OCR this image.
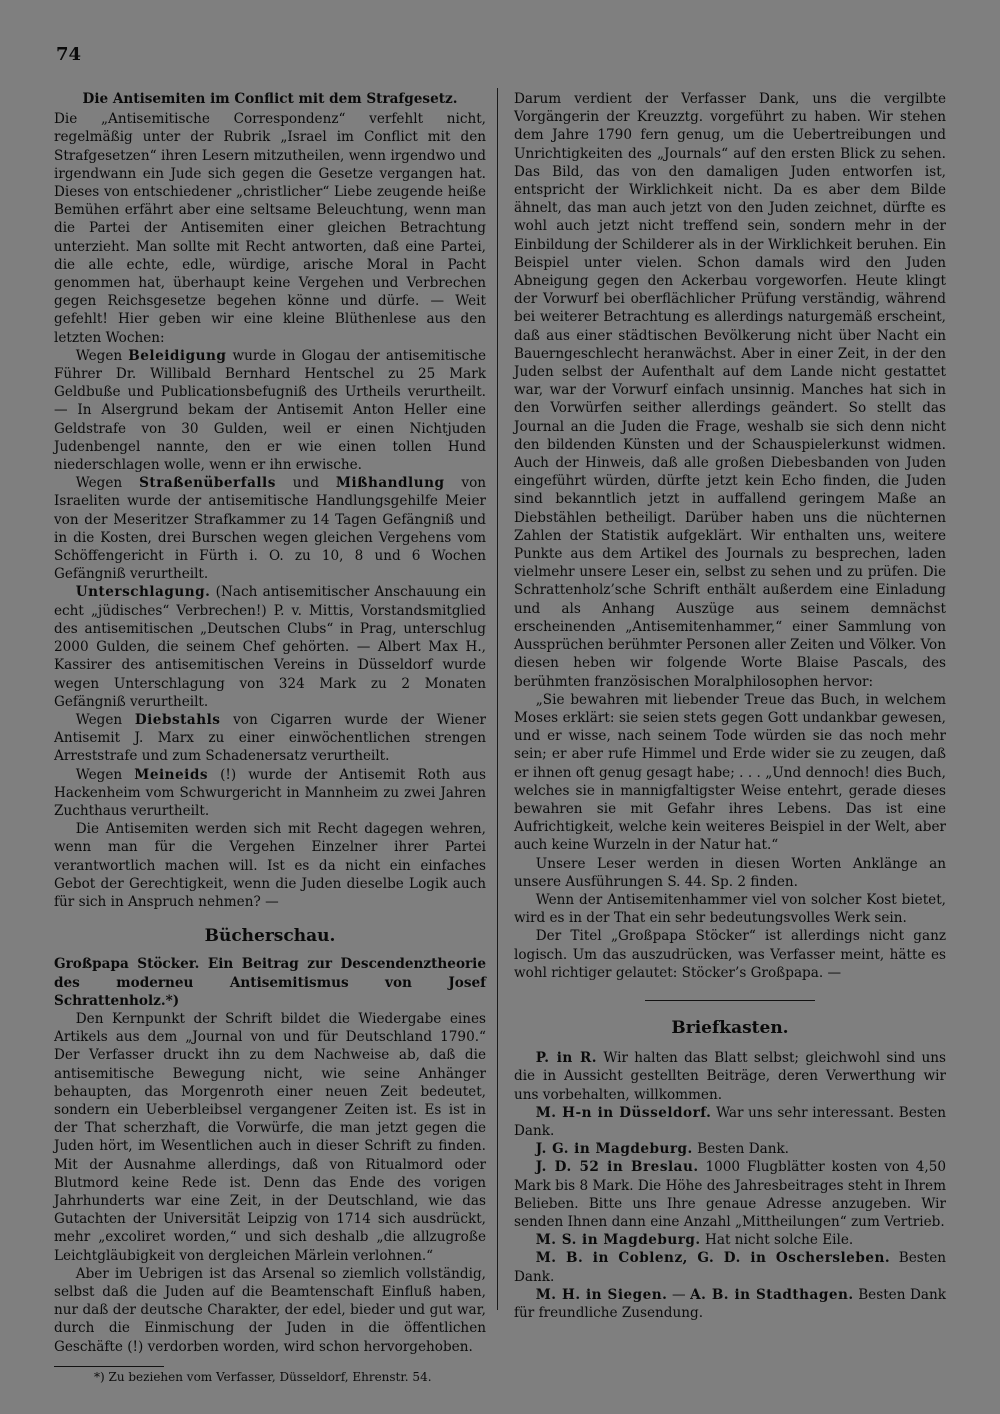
74
Die Antisemiten im Conflict mit dem Strafgesetz.

Die „Antisemitische Correspondenz“ verfehlt nicht, regelmäßig unter der Rubrik „Israel im Conflict mit den Strafgesetzen“ ihren Lesern mitzutheilen, wenn irgendwo und irgendwann ein Jude sich gegen die Gesetze vergangen hat. Dieses von entschiedener „christlicher“ Liebe zeugende heiße Bemühen erfährt aber eine seltsame Beleuchtung, wenn man die Partei der Antisemiten einer gleichen Betrachtung unterzieht. Man sollte mit Recht antworten, daß eine Partei, die alle echte, edle, würdige, arische Moral in Pacht genommen hat, überhaupt keine Vergehen und Verbrechen gegen Reichsgesetze begehen könne und dürfe. — Weit gefehlt! Hier geben wir eine kleine Blüthenlese aus den letzten Wochen:

Wegen Beleidigung wurde in Glogau der antisemitische Führer Dr. Willibald Bernhard Hentschel zu 25 Mark Geldbuße und Publicationsbefugniß des Urtheils verurtheilt. — In Alsergrund bekam der Antisemit Anton Heller eine Geldstrafe von 30 Gulden, weil er einen Nichtjuden Judenbengel nannte, den er wie einen tollen Hund niederschlagen wolle, wenn er ihn erwische.

Wegen Straßenüberfalls und Mißhandlung von Israeliten wurde der antisemitische Handlungsgehilfe Meier von der Meseritzer Strafkammer zu 14 Tagen Gefängniß und in die Kosten, drei Burschen wegen gleichen Vergehens vom Schöffengericht in Fürth i. O. zu 10, 8 und 6 Wochen Gefängniß verurtheilt.

Unterschlagung. (Nach antisemitischer Anschauung ein echt „jüdisches“ Verbrechen!) P. v. Mittis, Vorstandsmitglied des antisemitischen „Deutschen Clubs“ in Prag, unterschlug 2000 Gulden, die seinem Chef gehörten. — Albert Max H., Kassirer des antisemitischen Vereins in Düsseldorf wurde wegen Unterschlagung von 324 Mark zu 2 Monaten Gefängniß verurtheilt.

Wegen Diebstahls von Cigarren wurde der Wiener Antisemit J. Marx zu einer einwöchentlichen strengen Arreststrafe und zum Schadenersatz verurtheilt.

Wegen Meineids (!) wurde der Antisemit Roth aus Hackenheim vom Schwurgericht in Mannheim zu zwei Jahren Zuchthaus verurtheilt.

Die Antisemiten werden sich mit Recht dagegen wehren, wenn man für die Vergehen Einzelner ihrer Partei verantwortlich machen will. Ist es da nicht ein einfaches Gebot der Gerechtigkeit, wenn die Juden dieselbe Logik auch für sich in Anspruch nehmen? —

Bücherschau.

Großpapa Stöcker. Ein Beitrag zur Descendenztheorie des moderneu Antisemitismus von Josef Schrattenholz.*)

Den Kernpunkt der Schrift bildet die Wiedergabe eines Artikels aus dem „Journal von und für Deutschland 1790.“ Der Verfasser druckt ihn zu dem Nachweise ab, daß die antisemitische Bewegung nicht, wie seine Anhänger behaupten, das Morgenroth einer neuen Zeit bedeutet, sondern ein Ueberbleibsel vergangener Zeiten ist. Es ist in der That scherzhaft, die Vorwürfe, die man jetzt gegen die Juden hört, im Wesentlichen auch in dieser Schrift zu finden. Mit der Ausnahme allerdings, daß von Ritualmord oder Blutmord keine Rede ist. Denn das Ende des vorigen Jahrhunderts war eine Zeit, in der Deutschland, wie das Gutachten der Universität Leipzig von 1714 sich ausdrückt, mehr „excoliret worden,“ und sich deshalb „die allzugroße Leichtgläubigkeit von dergleichen Märlein verlohnen.“

Aber im Uebrigen ist das Arsenal so ziemlich vollständig, selbst daß die Juden auf die Beamtenschaft Einfluß haben, nur daß der deutsche Charakter, der edel, bieder und gut war, durch die Einmischung der Juden in die öffentlichen Geschäfte (!) verdorben worden, wird schon hervorgehoben.

*) Zu beziehen vom Verfasser, Düsseldorf, Ehrenstr. 54.

Darum verdient der Verfasser Dank, uns die vergilbte Vorgängerin der Kreuzztg. vorgeführt zu haben. Wir stehen dem Jahre 1790 fern genug, um die Uebertreibungen und Unrichtigkeiten des „Journals“ auf den ersten Blick zu sehen. Das Bild, das von den damaligen Juden entworfen ist, entspricht der Wirklichkeit nicht. Da es aber dem Bilde ähnelt, das man auch jetzt von den Juden zeichnet, dürfte es wohl auch jetzt nicht treffend sein, sondern mehr in der Einbildung der Schilderer als in der Wirklichkeit beruhen. Ein Beispiel unter vielen. Schon damals wird den Juden Abneigung gegen den Ackerbau vorgeworfen. Heute klingt der Vorwurf bei oberflächlicher Prüfung verständig, während bei weiterer Betrachtung es allerdings naturgemäß erscheint, daß aus einer städtischen Bevölkerung nicht über Nacht ein Bauerngeschlecht heranwächst. Aber in einer Zeit, in der den Juden selbst der Aufenthalt auf dem Lande nicht gestattet war, war der Vorwurf einfach unsinnig. Manches hat sich in den Vorwürfen seither allerdings geändert. So stellt das Journal an die Juden die Frage, weshalb sie sich denn nicht den bildenden Künsten und der Schauspielerkunst widmen. Auch der Hinweis, daß alle großen Diebesbanden von Juden eingeführt würden, dürfte jetzt kein Echo finden, die Juden sind bekanntlich jetzt in auffallend geringem Maße an Diebstählen betheiligt. Darüber haben uns die nüchternen Zahlen der Statistik aufgeklärt. Wir enthalten uns, weitere Punkte aus dem Artikel des Journals zu besprechen, laden vielmehr unsere Leser ein, selbst zu sehen und zu prüfen. Die Schrattenholz’sche Schrift enthält außerdem eine Einladung und als Anhang Auszüge aus seinem demnächst erscheinenden „Antisemitenhammer,“ einer Sammlung von Aussprüchen berühmter Personen aller Zeiten und Völker. Von diesen heben wir folgende Worte Blaise Pascals, des berühmten französischen Moralphilosophen hervor:

„Sie bewahren mit liebender Treue das Buch, in welchem Moses erklärt: sie seien stets gegen Gott undankbar gewesen, und er wisse, nach seinem Tode würden sie das noch mehr sein; er aber rufe Himmel und Erde wider sie zu zeugen, daß er ihnen oft genug gesagt habe; . . . „Und dennoch! dies Buch, welches sie in mannigfaltigster Weise entehrt, gerade dieses bewahren sie mit Gefahr ihres Lebens. Das ist eine Aufrichtigkeit, welche kein weiteres Beispiel in der Welt, aber auch keine Wurzeln in der Natur hat.“

Unsere Leser werden in diesen Worten Anklänge an unsere Ausführungen S. 44. Sp. 2 finden.

Wenn der Antisemitenhammer viel von solcher Kost bietet, wird es in der That ein sehr bedeutungsvolles Werk sein.

Der Titel „Großpapa Stöcker“ ist allerdings nicht ganz logisch. Um das auszudrücken, was Verfasser meint, hätte es wohl richtiger gelautet: Stöcker’s Großpapa. —

Briefkasten.

P. in R. Wir halten das Blatt selbst; gleichwohl sind uns die in Aussicht gestellten Beiträge, deren Verwerthung wir uns vorbehalten, willkommen.

M. H-n in Düsseldorf. War uns sehr interessant. Besten Dank.

J. G. in Magdeburg. Besten Dank.

J. D. 52 in Breslau. 1000 Flugblätter kosten von 4,50 Mark bis 8 Mark. Die Höhe des Jahresbeitrages steht in Ihrem Belieben. Bitte uns Ihre genaue Adresse anzugeben. Wir senden Ihnen dann eine Anzahl „Mittheilungen“ zum Vertrieb.

M. S. in Magdeburg. Hat nicht solche Eile.

M. B. in Coblenz, G. D. in Oschersleben. Besten Dank.

M. H. in Siegen. — A. B. in Stadthagen. Besten Dank für freundliche Zusendung.
